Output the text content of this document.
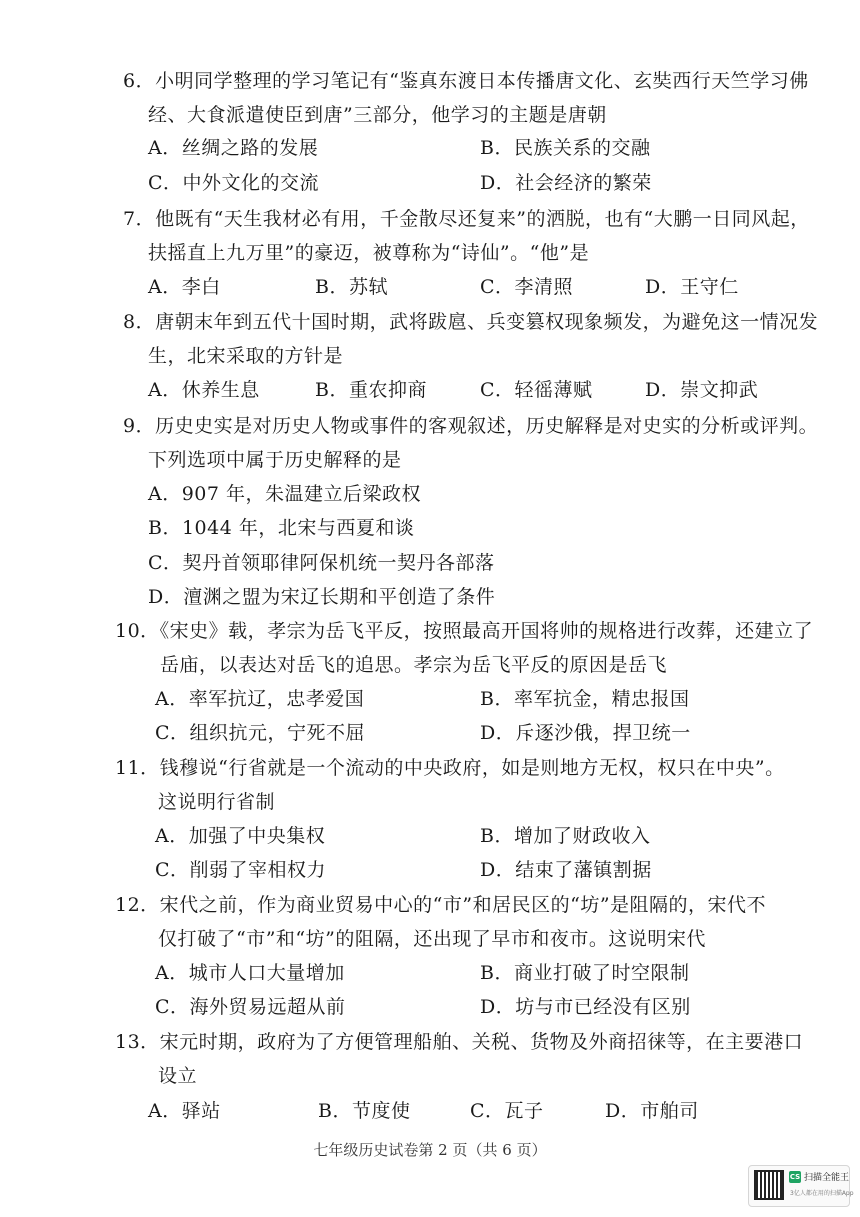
6．小明同学整理的学习笔记有“鉴真东渡日本传播唐文化、玄奘西行天竺学习佛
经、大食派遣使臣到唐”三部分，他学习的主题是唐朝
A．丝绸之路的发展	B．民族关系的交融
C．中外文化的交流	D．社会经济的繁荣
7．他既有“天生我材必有用，千金散尽还复来”的洒脱，也有“大鹏一日同风起，
扶摇直上九万里”的豪迈，被尊称为“诗仙”。“他”是
A．李白	B．苏轼	C．李清照	D．王守仁
8．唐朝末年到五代十国时期，武将跋扈、兵变篡权现象频发，为避免这一情况发
生，北宋采取的方针是
A．休养生息	B．重农抑商	C．轻徭薄赋	D．崇文抑武
9．历史史实是对历史人物或事件的客观叙述，历史解释是对史实的分析或评判。
下列选项中属于历史解释的是
A．907 年，朱温建立后梁政权
B．1044 年，北宋与西夏和谈
C．契丹首领耶律阿保机统一契丹各部落
D．澶渊之盟为宋辽长期和平创造了条件
10．《宋史》载，孝宗为岳飞平反，按照最高开国将帅的规格进行改葬，还建立了
岳庙，以表达对岳飞的追思。孝宗为岳飞平反的原因是岳飞
A．率军抗辽，忠孝爱国	B．率军抗金，精忠报国
C．组织抗元，宁死不屈	D．斥逐沙俄，捍卫统一
11．钱穆说“行省就是一个流动的中央政府，如是则地方无权，权只在中央”。
这说明行省制
A．加强了中央集权	B．增加了财政收入
C．削弱了宰相权力	D．结束了藩镇割据
12．宋代之前，作为商业贸易中心的“市”和居民区的“坊”是阻隔的，宋代不
仅打破了“市”和“坊”的阻隔，还出现了早市和夜市。这说明宋代
A．城市人口大量增加	B．商业打破了时空限制
C．海外贸易远超从前	D．坊与市已经没有区别
13．宋元时期，政府为了方便管理船舶、关税、货物及外商招徕等，在主要港口
设立
A．驿站	B．节度使	C．瓦子	D．市舶司
七年级历史试卷第 2 页（共 6 页）
CS 扫描全能王
3亿人都在用的扫描App
